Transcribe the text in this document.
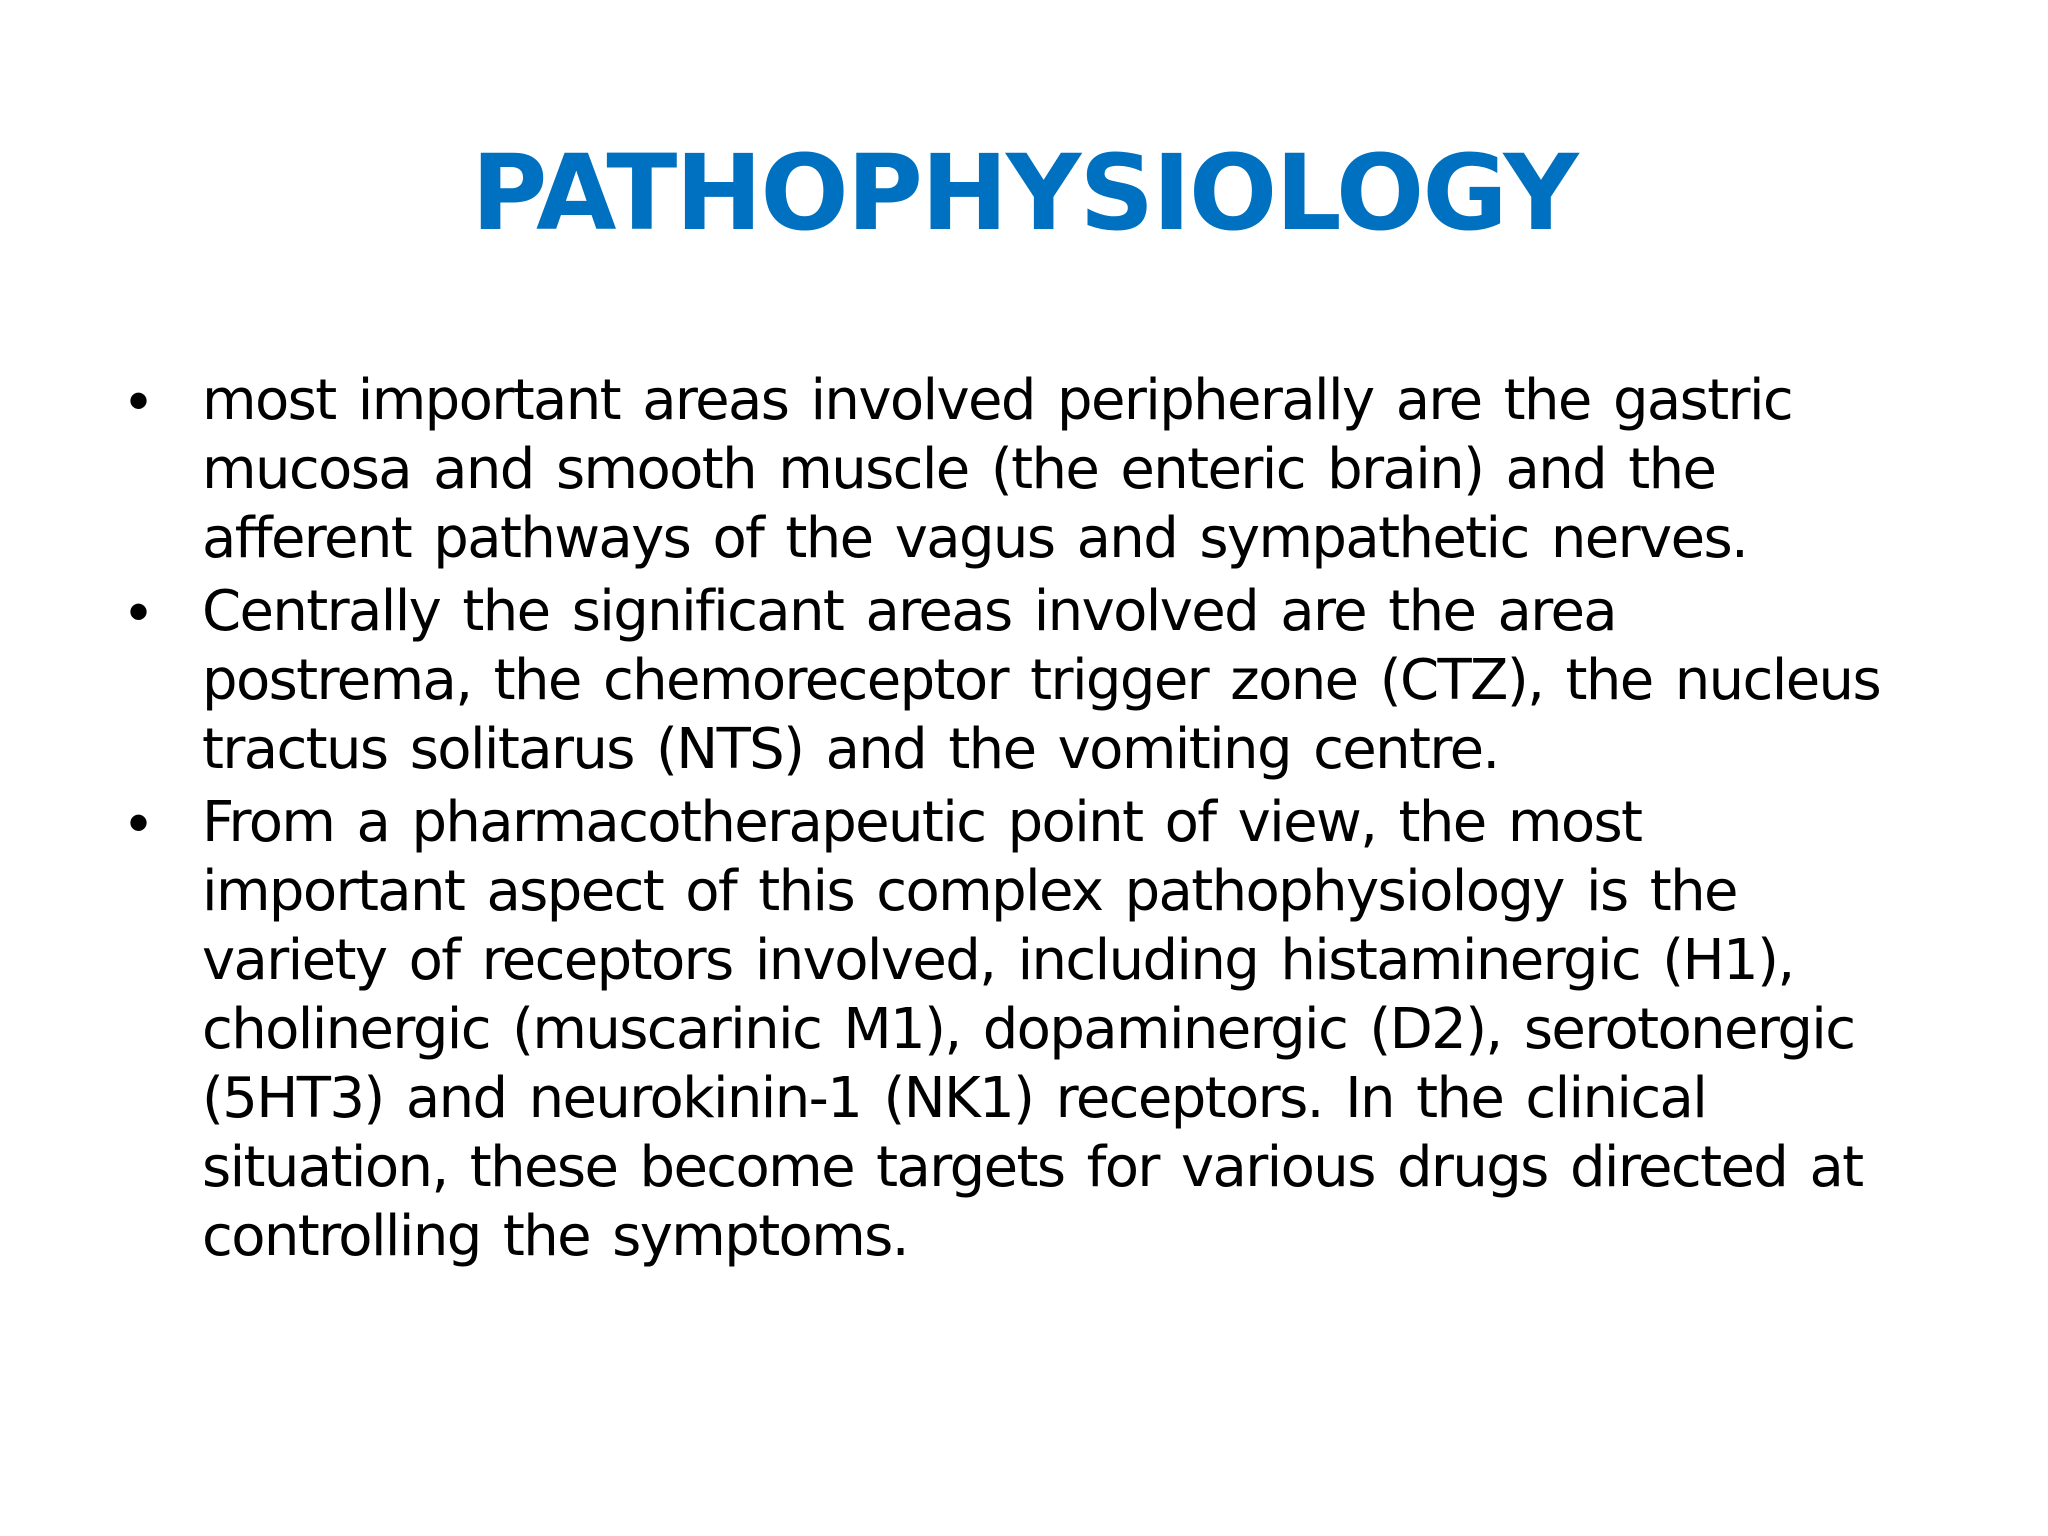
PATHOPHYSIOLOGY
• most important areas involved peripherally are the gastric mucosa and smooth muscle (the enteric brain) and the afferent pathways of the vagus and sympathetic nerves.
• Centrally the significant areas involved are the area postrema, the chemoreceptor trigger zone (CTZ), the nucleus tractus solitarus (NTS) and the vomiting centre.
• From a pharmacotherapeutic point of view, the most important aspect of this complex pathophysiology is the variety of receptors involved, including histaminergic (H1), cholinergic (muscarinic M1), dopaminergic (D2), serotonergic (5HT3) and neurokinin-1 (NK1) receptors. In the clinical situation, these become targets for various drugs directed at controlling the symptoms.
